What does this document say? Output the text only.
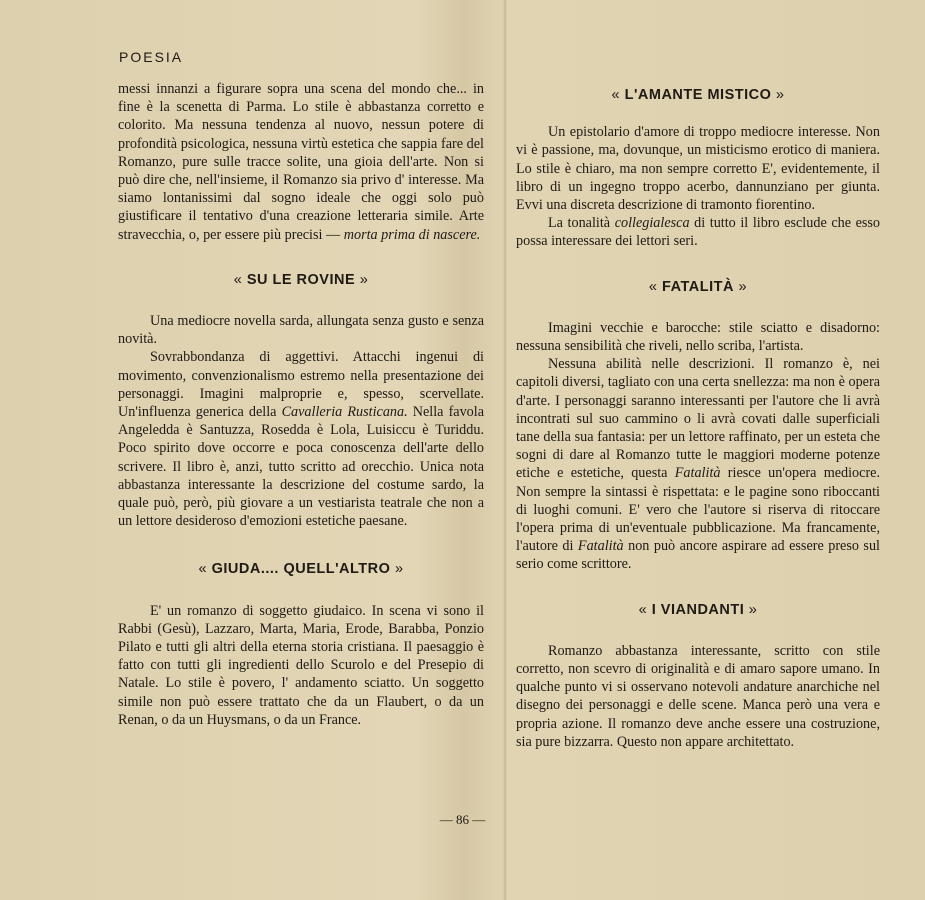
POESIA

messi innanzi a figurare sopra una scena del mondo che... in fine è la scenetta di Parma. Lo stile è abbastanza corretto e colorito. Ma nessuna tendenza al nuovo, nessun potere di profondità psicologica, nessuna virtù estetica che sappia fare del Romanzo, pure sulle tracce solite, una gioia dell'arte. Non si può dire che, nell'insieme, il Romanzo sia privo d' interesse. Ma siamo lontanissimi dal sogno ideale che oggi solo può giustificare il tentativo d'una creazione letteraria simile. Arte stravecchia, o, per essere più precisi — morta prima di nascere.

« SU LE ROVINE »

Una mediocre novella sarda, allungata senza gusto e senza novità.

Sovrabbondanza di aggettivi. Attacchi ingenui di movimento, convenzionalismo estremo nella presentazione dei personaggi. Imagini malproprie e, spesso, scervellate. Un'influenza generica della Cavalleria Rusticana. Nella favola Angeledda è Santuzza, Rosedda è Lola, Luisiccu è Turiddu. Poco spirito dove occorre e poca conoscenza dell'arte dello scrivere. Il libro è, anzi, tutto scritto ad orecchio. Unica nota abbastanza interessante la descrizione del costume sardo, la quale può, però, più giovare a un vestiarista teatrale che non a un lettore desideroso d'emozioni estetiche paesane.

« GIUDA.... QUELL'ALTRO »

E' un romanzo di soggetto giudaico. In scena vi sono il Rabbi (Gesù), Lazzaro, Marta, Maria, Erode, Barabba, Ponzio Pilato e tutti gli altri della eterna storia cristiana. Il paesaggio è fatto con tutti gli ingredienti dello Scurolo e del Presepio di Natale. Lo stile è povero, l' andamento sciatto. Un soggetto simile non può essere trattato che da un Flaubert, o da un Renan, o da un Huysmans, o da un France.

« L'AMANTE MISTICO »

Un epistolario d'amore di troppo mediocre interesse. Non vi è passione, ma, dovunque, un misticismo erotico di maniera. Lo stile è chiaro, ma non sempre corretto E', evidentemente, il libro di un ingegno troppo acerbo, dannunziano per giunta. Evvi una discreta descrizione di tramonto fiorentino.

La tonalità collegialesca di tutto il libro esclude che esso possa interessare dei lettori seri.

« FATALITÀ »

Imagini vecchie e barocche: stile sciatto e disadorno: nessuna sensibilità che riveli, nello scriba, l'artista.

Nessuna abilità nelle descrizioni. Il romanzo è, nei capitoli diversi, tagliato con una certa snellezza: ma non è opera d'arte. I personaggi saranno interessanti per l'autore che li avrà incontrati sul suo cammino o li avrà covati dalle superficiali tane della sua fantasia: per un lettore raffinato, per un esteta che sogni di dare al Romanzo tutte le maggiori moderne potenze etiche e estetiche, questa Fatalità riesce un'opera mediocre. Non sempre la sintassi è rispettata: e le pagine sono riboccanti di luoghi comuni. E' vero che l'autore si riserva di ritoccare l'opera prima di un'eventuale pubblicazione. Ma francamente, l'autore di Fatalità non può ancore aspirare ad essere preso sul serio come scrittore.

« I VIANDANTI »

Romanzo abbastanza interessante, scritto con stile corretto, non scevro di originalità e di amaro sapore umano. In qualche punto vi si osservano notevoli andature anarchiche nel disegno dei personaggi e delle scene. Manca però una vera e propria azione. Il romanzo deve anche essere una costruzione, sia pure bizzarra. Questo non appare architettato.

— 86 —
